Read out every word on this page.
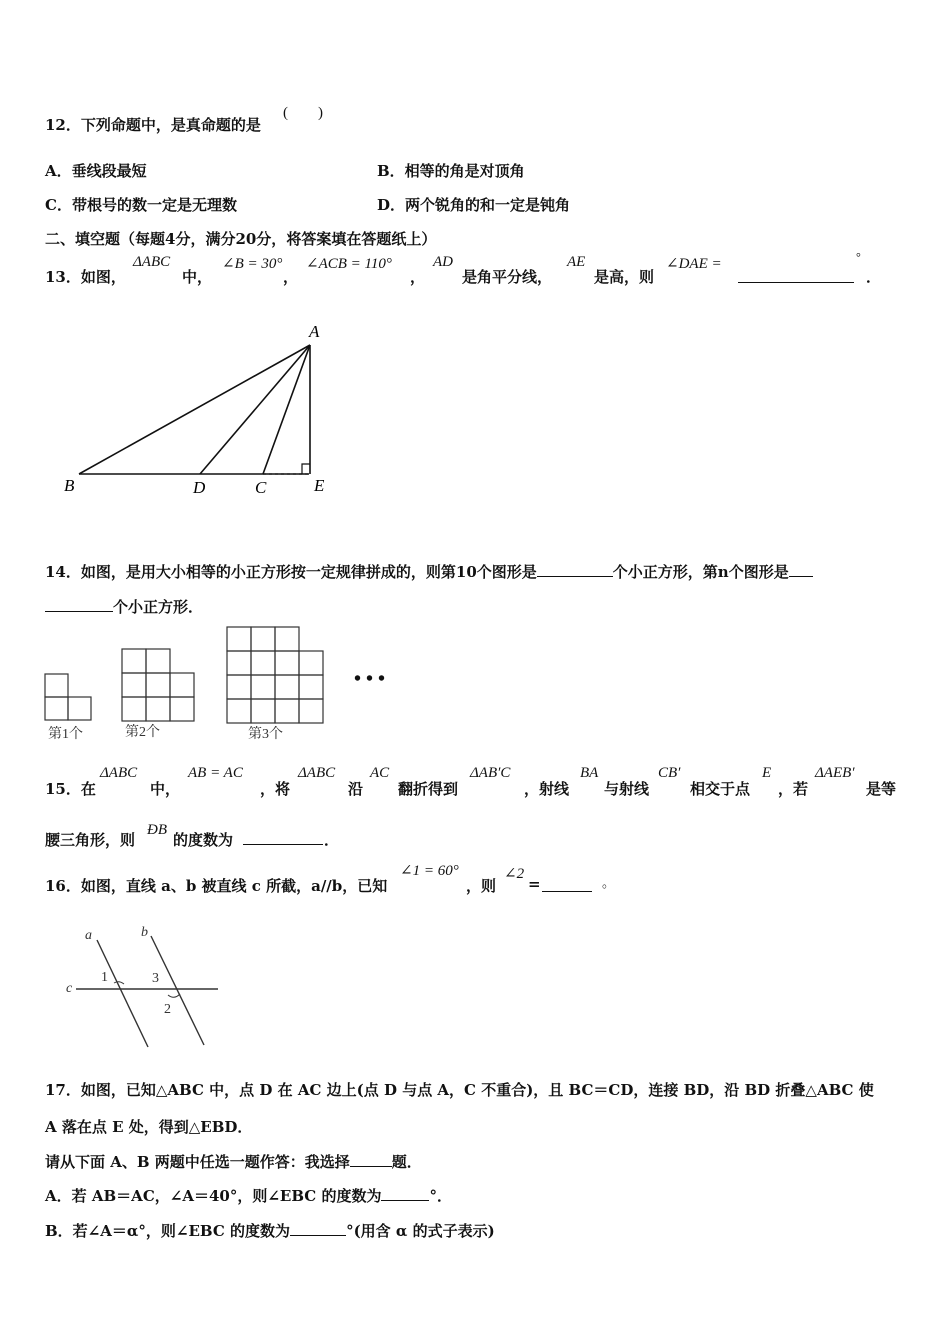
12．下列命题中，是真命题的是
(　　)
A．垂线段最短	B．相等的角是对顶角
C．带根号的数一定是无理数	D．两个锐角的和一定是钝角
二、填空题（每题4分，满分20分，将答案填在答题纸上）
13．如图，
ΔABC
中，
∠B = 30°
，
∠ACB = 110°
，
AD
是角平分线，
AE
是高，则
∠DAE =	°
．
A
B	D	C	E
14．如图，是用大小相等的小正方形按一定规律拼成的，则第10个图形是	个小正方形，第n个图形是
个小正方形．
• • •
第1个	第2个	第3个
15．在
ΔABC
中，
AB = AC
，将
ΔABC
沿
AC
翻折得到
ΔAB′C
，射线
BA
与射线
CB′
相交于点
E
，若
ΔAEB′
是等
腰三角形，则
ÐB
的度数为	．
16．如图，直线 a、b 被直线 c 所截，a//b，已知
∠1 = 60°
，则
∠2
=	。
a	b
c
1	3
2
17．如图，已知△ABC 中，点 D 在 AC 边上(点 D 与点 A，C 不重合)，且 BC＝CD，连接 BD，沿 BD 折叠△ABC 使
A 落在点 E 处，得到△EBD．
请从下面 A、B 两题中任选一题作答：我选择	题．
A．若 AB＝AC，∠A＝40°，则∠EBC 的度数为	°．
B．若∠A＝α°，则∠EBC 的度数为	°(用含 α 的式子表示)
